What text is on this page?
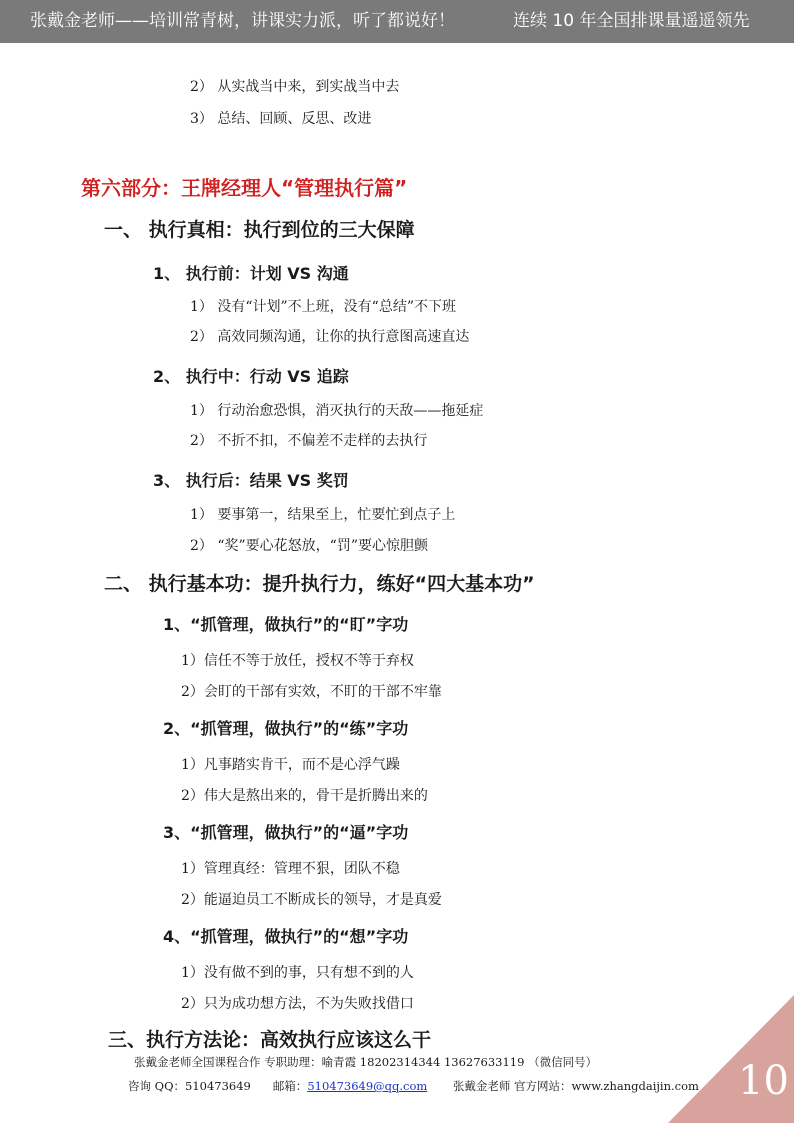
张戴金老师——培训常青树，讲课实力派，听了都说好！	连续 10 年全国排课量遥遥领先
2） 从实战当中来，到实战当中去
3） 总结、回顾、反思、改进
第六部分：王牌经理人“管理执行篇”
一、 执行真相：执行到位的三大保障
1、 执行前：计划 VS 沟通
1） 没有“计划”不上班，没有“总结”不下班
2） 高效同频沟通，让你的执行意图高速直达
2、 执行中：行动 VS 追踪
1） 行动治愈恐惧，消灭执行的天敌——拖延症
2） 不折不扣，不偏差不走样的去执行
3、 执行后：结果 VS 奖罚
1） 要事第一，结果至上，忙要忙到点子上
2） “奖”要心花怒放，“罚”要心惊胆颤
二、 执行基本功：提升执行力，练好“四大基本功”
1、“抓管理，做执行”的“盯”字功
1）信任不等于放任，授权不等于弃权
2）会盯的干部有实效，不盯的干部不牢靠
2、“抓管理，做执行”的“练”字功
1）凡事踏实肯干，而不是心浮气躁
2）伟大是熬出来的，骨干是折腾出来的
3、“抓管理，做执行”的“逼”字功
1）管理真经：管理不狠，团队不稳
2）能逼迫员工不断成长的领导，才是真爱
4、“抓管理，做执行”的“想”字功
1）没有做不到的事，只有想不到的人
2）只为成功想方法，不为失败找借口
三、执行方法论：高效执行应该这么干
张戴金老师全国课程合作 专职助理：喻青霞 18202314344 13627633119 （微信同号）
咨询 QQ：510473649 邮箱：510473649@qq.com 张戴金老师 官方网站：www.zhangdaijin.com 10
